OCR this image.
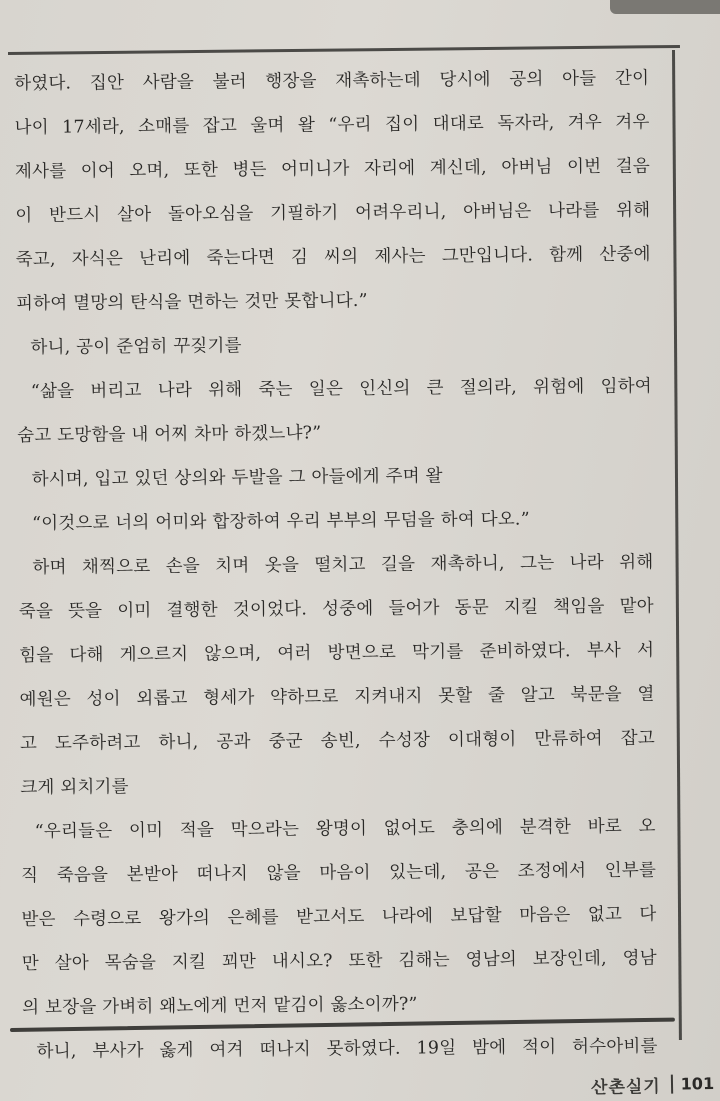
하였다. 집안 사람을 불러 행장을 재촉하는데 당시에 공의 아들 간이
나이 17세라, 소매를 잡고 울며 왈 “우리 집이 대대로 독자라, 겨우 겨우
제사를 이어 오며, 또한 병든 어미니가 자리에 계신데, 아버님 이번 걸음
이 반드시 살아 돌아오심을 기필하기 어려우리니, 아버님은 나라를 위해
죽고, 자식은 난리에 죽는다면 김 씨의 제사는 그만입니다. 함께 산중에
피하여 멸망의 탄식을 면하는 것만 못합니다.”
하니, 공이 준엄히 꾸짖기를
“삶을 버리고 나라 위해 죽는 일은 인신의 큰 절의라, 위험에 임하여
숨고 도망함을 내 어찌 차마 하겠느냐?”
하시며, 입고 있던 상의와 두발을 그 아들에게 주며 왈
“이것으로 너의 어미와 합장하여 우리 부부의 무덤을 하여 다오.”
하며 채찍으로 손을 치며 옷을 떨치고 길을 재촉하니, 그는 나라 위해
죽을 뜻을 이미 결행한 것이었다. 성중에 들어가 동문 지킬 책임을 맡아
힘을 다해 게으르지 않으며, 여러 방면으로 막기를 준비하였다. 부사 서
예원은 성이 외롭고 형세가 약하므로 지켜내지 못할 줄 알고 북문을 열
고 도주하려고 하니, 공과 중군 송빈, 수성장 이대형이 만류하여 잡고
크게 외치기를
“우리들은 이미 적을 막으라는 왕명이 없어도 충의에 분격한 바로 오
직 죽음을 본받아 떠나지 않을 마음이 있는데, 공은 조정에서 인부를
받은 수령으로 왕가의 은혜를 받고서도 나라에 보답할 마음은 없고 다
만 살아 목숨을 지킬 꾀만 내시오? 또한 김해는 영남의 보장인데, 영남
의 보장을 가벼히 왜노에게 먼저 맡김이 옳소이까?”
하니, 부사가 옳게 여겨 떠나지 못하였다. 19일 밤에 적이 허수아비를
산촌실기	101
